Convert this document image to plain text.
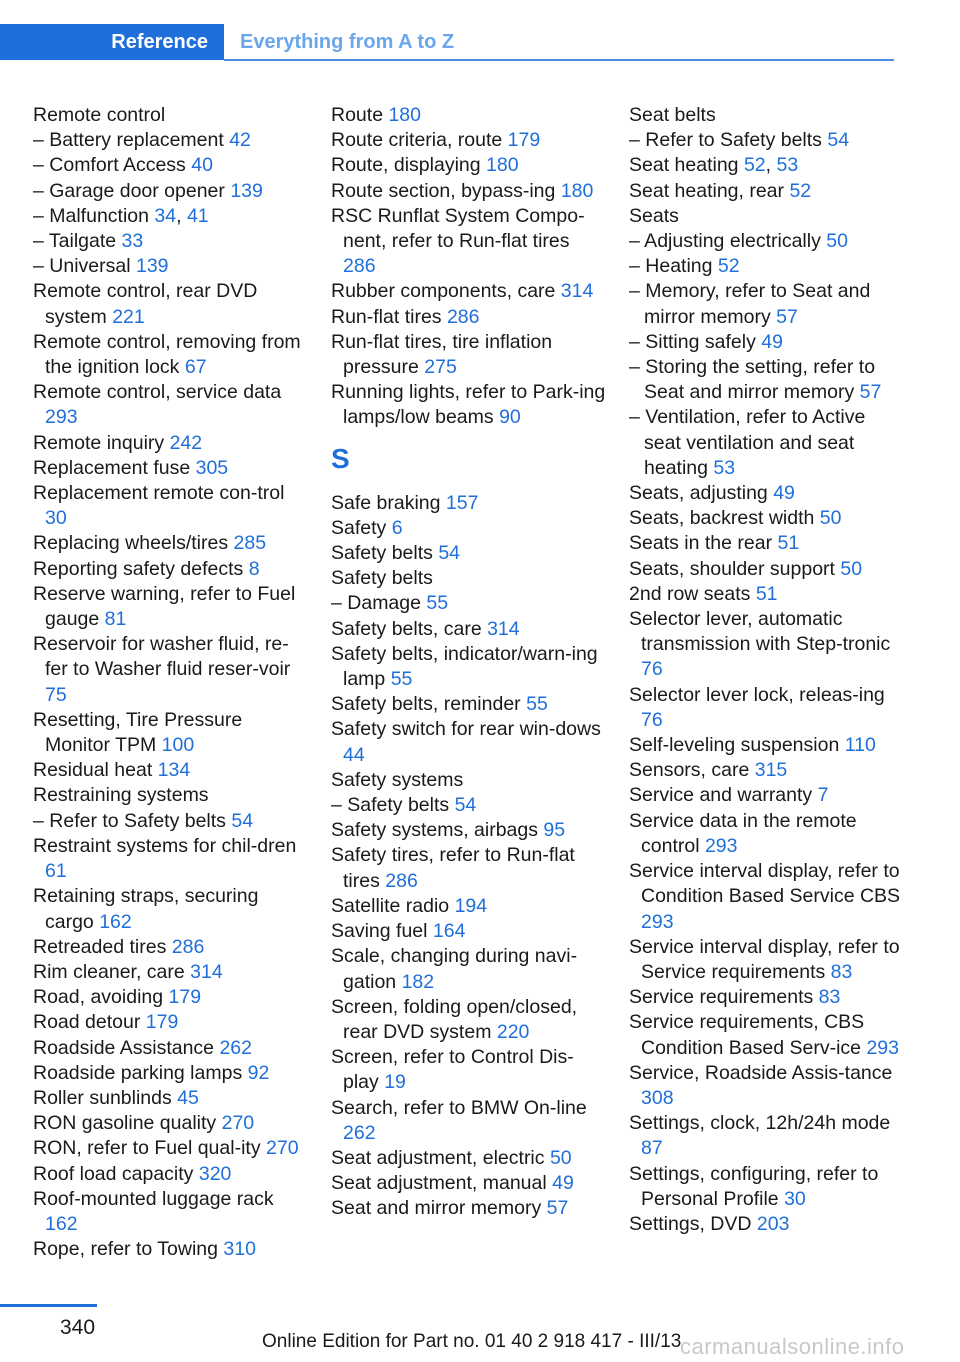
Reference	Everything from A to Z
Remote control
– Battery replacement 42
– Comfort Access 40
– Garage door opener 139
– Malfunction 34, 41
– Tailgate 33
– Universal 139
Remote control, rear DVD system 221
Remote control, removing from the ignition lock 67
Remote control, service data 293
Remote inquiry 242
Replacement fuse 305
Replacement remote con‐trol 30
Replacing wheels/tires 285
Reporting safety defects 8
Reserve warning, refer to Fuel gauge 81
Reservoir for washer fluid, re‐fer to Washer fluid reser‐voir 75
Resetting, Tire Pressure Monitor TPM 100
Residual heat 134
Restraining systems
– Refer to Safety belts 54
Restraint systems for chil‐dren 61
Retaining straps, securing cargo 162
Retreaded tires 286
Rim cleaner, care 314
Road, avoiding 179
Road detour 179
Roadside Assistance 262
Roadside parking lamps 92
Roller sunblinds 45
RON gasoline quality 270
RON, refer to Fuel qual‐ity 270
Roof load capacity 320
Roof-mounted luggage rack 162
Rope, refer to Towing 310
Route 180
Route criteria, route 179
Route, displaying 180
Route section, bypass‐ing 180
RSC Runflat System Compo‐nent, refer to Run-flat tires 286
Rubber components, care 314
Run-flat tires 286
Run-flat tires, tire inflation pressure 275
Running lights, refer to Park‐ing lamps/low beams 90
S
Safe braking 157
Safety 6
Safety belts 54
Safety belts
– Damage 55
Safety belts, care 314
Safety belts, indicator/warn‐ing lamp 55
Safety belts, reminder 55
Safety switch for rear win‐dows 44
Safety systems
– Safety belts 54
Safety systems, airbags 95
Safety tires, refer to Run-flat tires 286
Satellite radio 194
Saving fuel 164
Scale, changing during navi‐gation 182
Screen, folding open/closed, rear DVD system 220
Screen, refer to Control Dis‐play 19
Search, refer to BMW On‐line 262
Seat adjustment, electric 50
Seat adjustment, manual 49
Seat and mirror memory 57
Seat belts
– Refer to Safety belts 54
Seat heating 52, 53
Seat heating, rear 52
Seats
– Adjusting electrically 50
– Heating 52
– Memory, refer to Seat and mirror memory 57
– Sitting safely 49
– Storing the setting, refer to Seat and mirror memory 57
– Ventilation, refer to Active seat ventilation and seat heating 53
Seats, adjusting 49
Seats, backrest width 50
Seats in the rear 51
Seats, shoulder support 50
2nd row seats 51
Selector lever, automatic transmission with Step‐tronic 76
Selector lever lock, releas‐ing 76
Self-leveling suspension 110
Sensors, care 315
Service and warranty 7
Service data in the remote control 293
Service interval display, refer to Condition Based Service CBS 293
Service interval display, refer to Service requirements 83
Service requirements 83
Service requirements, CBS Condition Based Serv‐ice 293
Service, Roadside Assis‐tance 308
Settings, clock, 12h/24h mode 87
Settings, configuring, refer to Personal Profile 30
Settings, DVD 203
340
Online Edition for Part no. 01 40 2 918 417 - III/13
carmanualsonline.info
